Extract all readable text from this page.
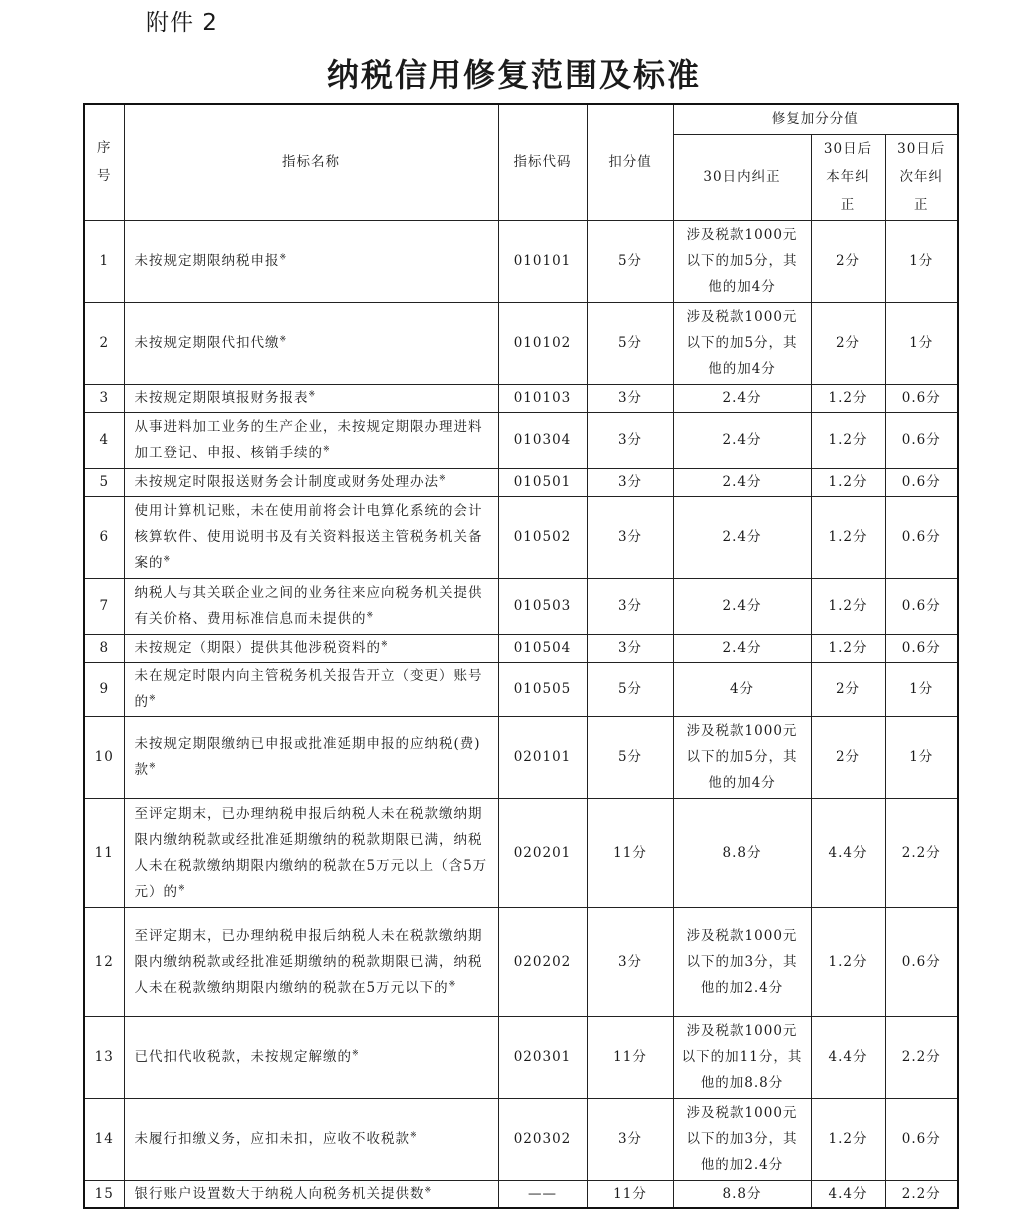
附件 2
纳税信用修复范围及标准
序号	指标名称	指标代码	扣分值	修复加分分值		
				30日内纠正	30日后本年纠正	30日后次年纠正
1	未按规定期限纳税申报※	010101	5分	涉及税款1000元以下的加5分，其他的加4分	2分	1分
2	未按规定期限代扣代缴※	010102	5分	涉及税款1000元以下的加5分，其他的加4分	2分	1分
3	未按规定期限填报财务报表※	010103	3分	2.4分	1.2分	0.6分
4	从事进料加工业务的生产企业，未按规定期限办理进料加工登记、申报、核销手续的※	010304	3分	2.4分	1.2分	0.6分
5	未按规定时限报送财务会计制度或财务处理办法※	010501	3分	2.4分	1.2分	0.6分
6	使用计算机记账，未在使用前将会计电算化系统的会计核算软件、使用说明书及有关资料报送主管税务机关备案的※	010502	3分	2.4分	1.2分	0.6分
7	纳税人与其关联企业之间的业务往来应向税务机关提供有关价格、费用标准信息而未提供的※	010503	3分	2.4分	1.2分	0.6分
8	未按规定（期限）提供其他涉税资料的※	010504	3分	2.4分	1.2分	0.6分
9	未在规定时限内向主管税务机关报告开立（变更）账号的※	010505	5分	4分	2分	1分
10	未按规定期限缴纳已申报或批准延期申报的应纳税(费)款※	020101	5分	涉及税款1000元以下的加5分，其他的加4分	2分	1分
11	至评定期末，已办理纳税申报后纳税人未在税款缴纳期限内缴纳税款或经批准延期缴纳的税款期限已满，纳税人未在税款缴纳期限内缴纳的税款在5万元以上（含5万元）的※	020201	11分	8.8分	4.4分	2.2分
12	至评定期末，已办理纳税申报后纳税人未在税款缴纳期限内缴纳税款或经批准延期缴纳的税款期限已满，纳税人未在税款缴纳期限内缴纳的税款在5万元以下的※	020202	3分	涉及税款1000元以下的加3分，其他的加2.4分	1.2分	0.6分
13	已代扣代收税款，未按规定解缴的※	020301	11分	涉及税款1000元以下的加11分，其他的加8.8分	4.4分	2.2分
14	未履行扣缴义务，应扣未扣，应收不收税款※	020302	3分	涉及税款1000元以下的加3分，其他的加2.4分	1.2分	0.6分
15	银行账户设置数大于纳税人向税务机关提供数※	——	11分	8.8分	4.4分	2.2分
